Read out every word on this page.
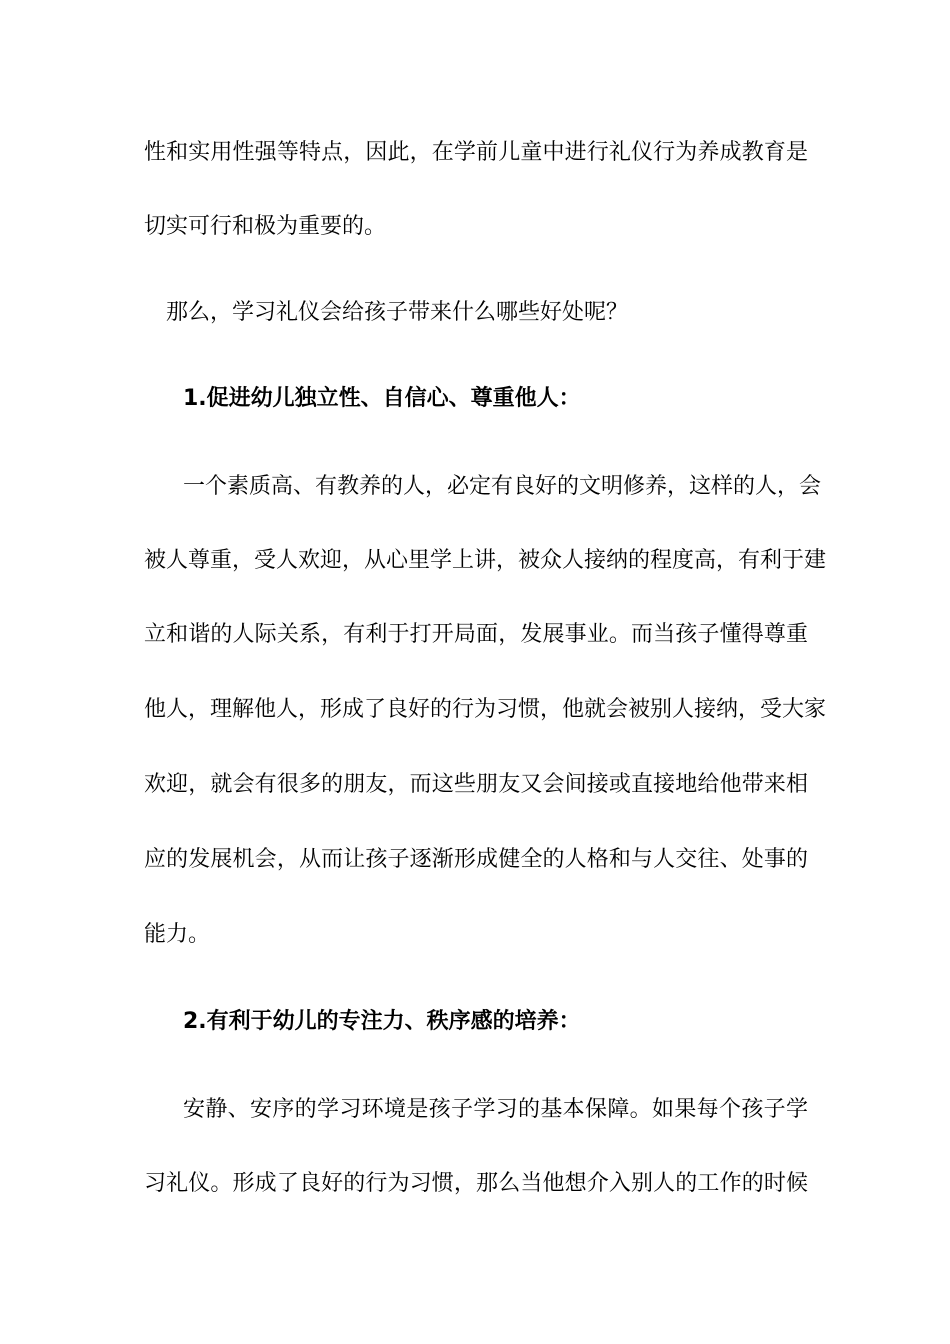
性和实用性强等特点，因此，在学前儿童中进行礼仪行为养成教育是
切实可行和极为重要的。
那么，学习礼仪会给孩子带来什么哪些好处呢？
1.促进幼儿独立性、自信心、尊重他人：
一个素质高、有教养的人，必定有良好的文明修养，这样的人，会
被人尊重，受人欢迎，从心里学上讲，被众人接纳的程度高，有利于建
立和谐的人际关系，有利于打开局面，发展事业。而当孩子懂得尊重
他人，理解他人，形成了良好的行为习惯，他就会被别人接纳，受大家
欢迎，就会有很多的朋友，而这些朋友又会间接或直接地给他带来相
应的发展机会，从而让孩子逐渐形成健全的人格和与人交往、处事的
能力。
2.有利于幼儿的专注力、秩序感的培养：
安静、安序的学习环境是孩子学习的基本保障。如果每个孩子学
习礼仪。形成了良好的行为习惯，那么当他想介入别人的工作的时候
